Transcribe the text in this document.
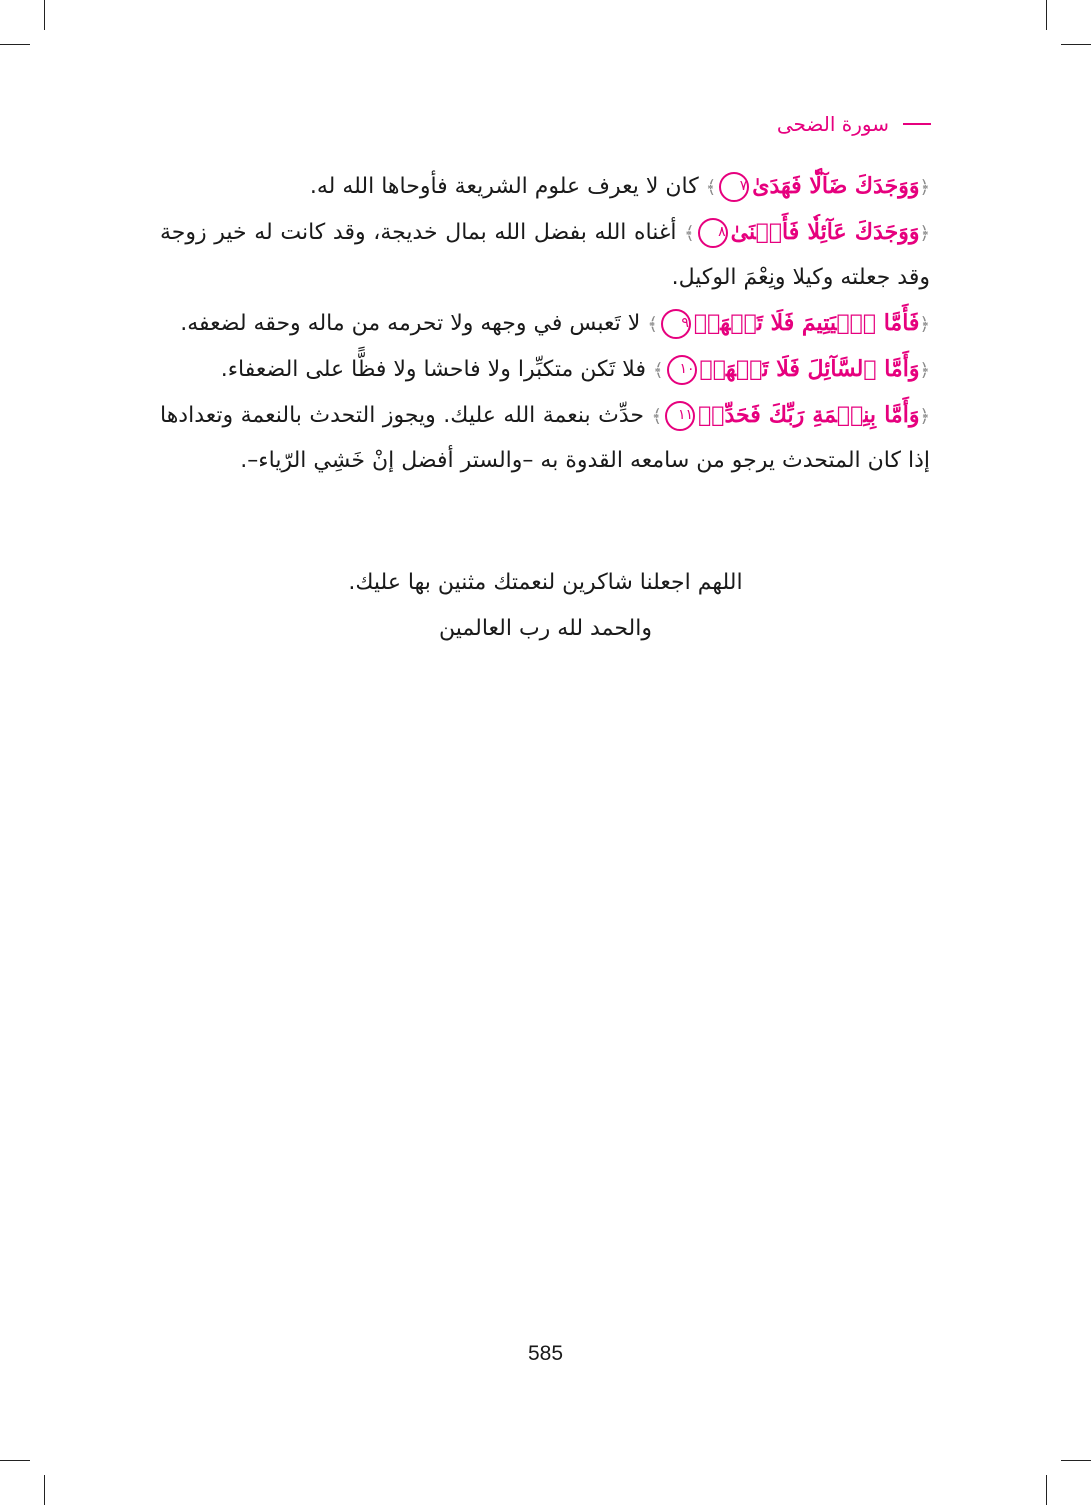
سورة الضحى
﴿وَوَجَدَكَ ضَآلّٗا فَهَدَىٰ٧﴾ كان لا يعرف علوم الشريعة فأوحاها الله له.
﴿وَوَجَدَكَ عَآئِلٗا فَأَغۡنَىٰ٨﴾ أغناه الله بفضل الله بمال خديجة، وقد كانت له خير زوجة وقد جعلته وكيلا ونِعْمَ الوكيل.
﴿فَأَمَّا ٱلۡيَتِيمَ فَلَا تَقۡهَرۡ٩﴾ لا تَعبس في وجهه ولا تحرمه من ماله وحقه لضعفه.
﴿وَأَمَّا ٱلسَّآئِلَ فَلَا تَنۡهَرۡ١٠﴾ فلا تَكن متكبِّرا ولا فاحشا ولا فظًّا على الضعفاء.
﴿وَأَمَّا بِنِعۡمَةِ رَبِّكَ فَحَدِّثۡ١١﴾ حدِّث بنعمة الله عليك. ويجوز التحدث بالنعمة وتعدادها إذا كان المتحدث يرجو من سامعه القدوة به –والستر أفضل إنْ خَشِي الرّياء–.
اللهم اجعلنا شاكرين لنعمتك مثنين بها عليك.
والحمد لله رب العالمين
585
